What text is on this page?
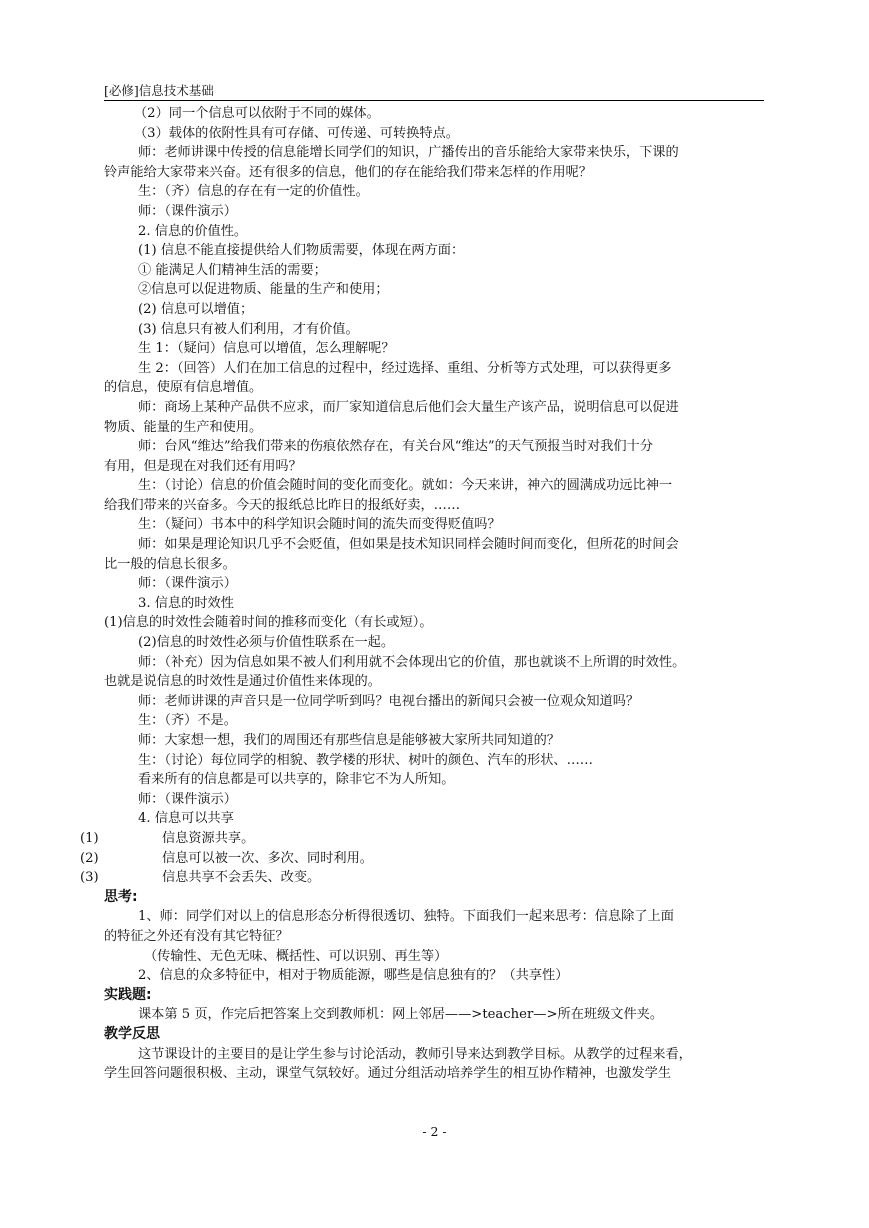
[必修]信息技术基础
（2）同一个信息可以依附于不同的媒体。
（3）载体的依附性具有可存储、可传递、可转换特点。
师：老师讲课中传授的信息能增长同学们的知识，广播传出的音乐能给大家带来快乐，下课的
铃声能给大家带来兴奋。还有很多的信息，他们的存在能给我们带来怎样的作用呢？
生：（齐）信息的存在有一定的价值性。
师：（课件演示）
2. 信息的价值性。
(1) 信息不能直接提供给人们物质需要，体现在两方面：
① 能满足人们精神生活的需要；
②信息可以促进物质、能量的生产和使用；
(2) 信息可以增值；
(3) 信息只有被人们利用，才有价值。
生 1：（疑问）信息可以增值，怎么理解呢？
生 2：（回答）人们在加工信息的过程中，经过选择、重组、分析等方式处理，可以获得更多
的信息，使原有信息增值。
师：商场上某种产品供不应求，而厂家知道信息后他们会大量生产该产品，说明信息可以促进
物质、能量的生产和使用。
师：台风“维达”给我们带来的伤痕依然存在，有关台风“维达”的天气预报当时对我们十分
有用，但是现在对我们还有用吗？
生：（讨论）信息的价值会随时间的变化而变化。就如：今天来讲，神六的圆满成功远比神一
给我们带来的兴奋多。今天的报纸总比昨日的报纸好卖，……
生：（疑问）书本中的科学知识会随时间的流失而变得贬值吗？
师：如果是理论知识几乎不会贬值，但如果是技术知识同样会随时间而变化，但所花的时间会
比一般的信息长很多。
师：（课件演示）
3. 信息的时效性
(1)信息的时效性会随着时间的推移而变化（有长或短）。
(2)信息的时效性必须与价值性联系在一起。
师：（补充）因为信息如果不被人们利用就不会体现出它的价值，那也就谈不上所谓的时效性。
也就是说信息的时效性是通过价值性来体现的。
师：老师讲课的声音只是一位同学听到吗？电视台播出的新闻只会被一位观众知道吗？
生：（齐）不是。
师：大家想一想，我们的周围还有那些信息是能够被大家所共同知道的？
生：（讨论）每位同学的相貌、教学楼的形状、树叶的颜色、汽车的形状、……
看来所有的信息都是可以共享的，除非它不为人所知。
师：（课件演示）
4. 信息可以共享
(1)	信息资源共享。
(2)	信息可以被一次、多次、同时利用。
(3)	信息共享不会丢失、改变。
思考:
1、师：同学们对以上的信息形态分析得很透切、独特。下面我们一起来思考：信息除了上面
的特征之外还有没有其它特征？
（传输性、无色无味、概括性、可以识别、再生等）
2、信息的众多特征中，相对于物质能源，哪些是信息独有的？（共享性）
实践题:
课本第 5 页，作完后把答案上交到教师机：网上邻居——>teacher—>所在班级文件夹。
教学反思
这节课设计的主要目的是让学生参与讨论活动，教师引导来达到教学目标。从教学的过程来看，
学生回答问题很积极、主动，课堂气氛较好。通过分组活动培养学生的相互协作精神，也激发学生
- 2 -
